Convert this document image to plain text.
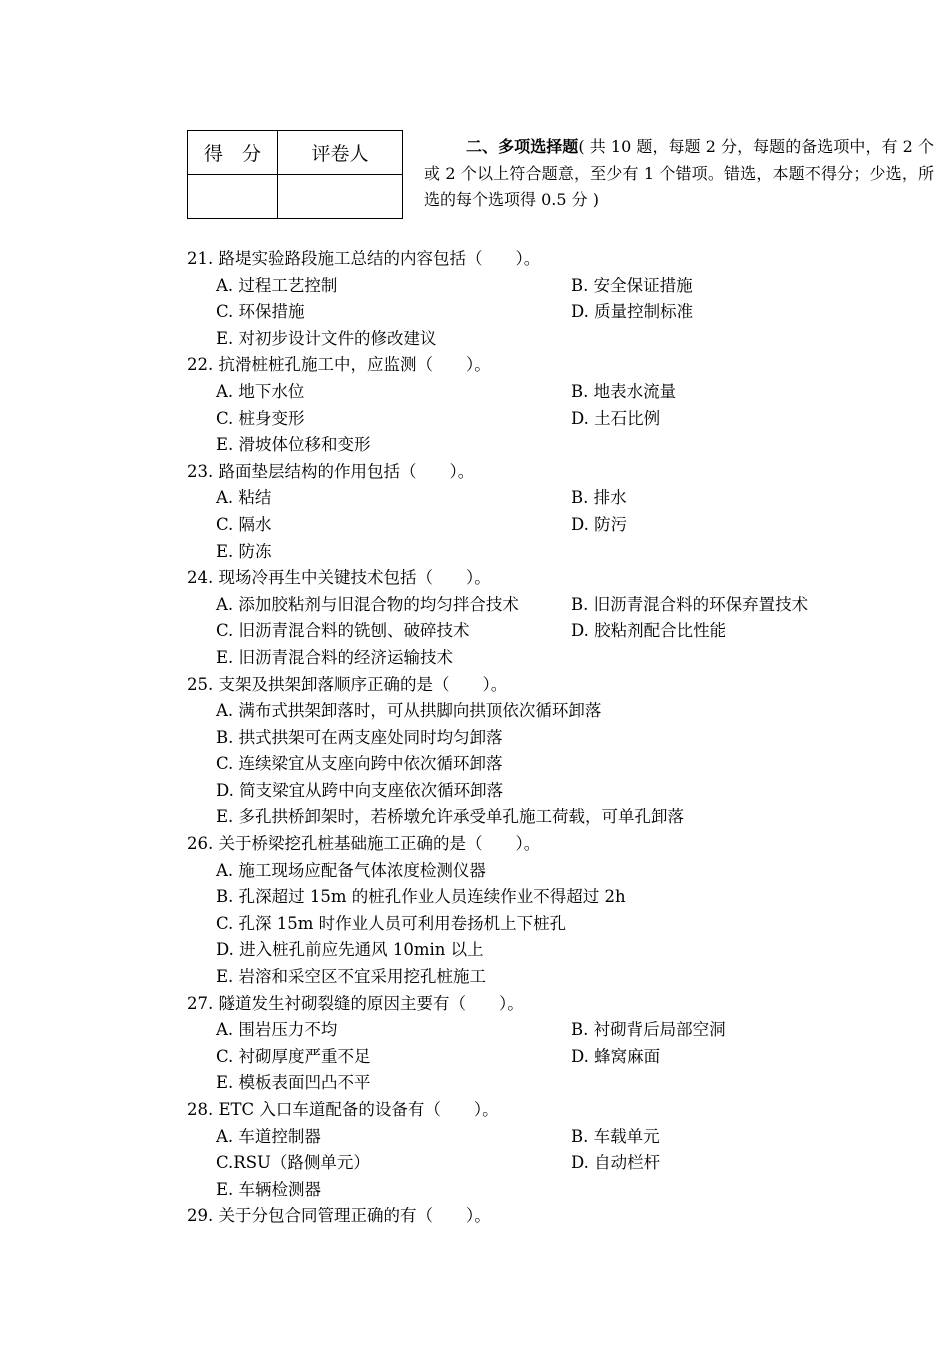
得　分	评卷人
		二、多项选择题( 共 10 题，每题 2 分，每题的备选项中，有 2 个或 2 个以上符合题意，至少有 1 个错项。错选，本题不得分；少选，所选的每个选项得 0.5 分 )
21. 路堤实验路段施工总结的内容包括（　　）。
A. 过程工艺控制	B. 安全保证措施
C. 环保措施	D. 质量控制标准
E. 对初步设计文件的修改建议
22. 抗滑桩桩孔施工中，应监测（　　）。
A. 地下水位	B. 地表水流量
C. 桩身变形	D. 土石比例
E. 滑坡体位移和变形
23. 路面垫层结构的作用包括（　　）。
A. 粘结	B. 排水
C. 隔水	D. 防污
E. 防冻
24. 现场冷再生中关键技术包括（　　）。
A. 添加胶粘剂与旧混合物的均匀拌合技术	B. 旧沥青混合料的环保弃置技术
C. 旧沥青混合料的铣刨、破碎技术	D. 胶粘剂配合比性能
E. 旧沥青混合料的经济运输技术
25. 支架及拱架卸落顺序正确的是（　　）。
A. 满布式拱架卸落时，可从拱脚向拱顶依次循环卸落
B. 拱式拱架可在两支座处同时均匀卸落
C. 连续梁宜从支座向跨中依次循环卸落
D. 简支梁宜从跨中向支座依次循环卸落
E. 多孔拱桥卸架时，若桥墩允许承受单孔施工荷载，可单孔卸落
26. 关于桥梁挖孔桩基础施工正确的是（　　）。
A. 施工现场应配备气体浓度检测仪器
B. 孔深超过 15m 的桩孔作业人员连续作业不得超过 2h
C. 孔深 15m 时作业人员可利用卷扬机上下桩孔
D. 进入桩孔前应先通风 10min 以上
E. 岩溶和采空区不宜采用挖孔桩施工
27. 隧道发生衬砌裂缝的原因主要有（　　）。
A. 围岩压力不均	B. 衬砌背后局部空洞
C. 衬砌厚度严重不足	D. 蜂窝麻面
E. 模板表面凹凸不平
28. ETC 入口车道配备的设备有（　　）。
A. 车道控制器	B. 车载单元
C.RSU（路侧单元）	D. 自动栏杆
E. 车辆检测器
29. 关于分包合同管理正确的有（　　）。
